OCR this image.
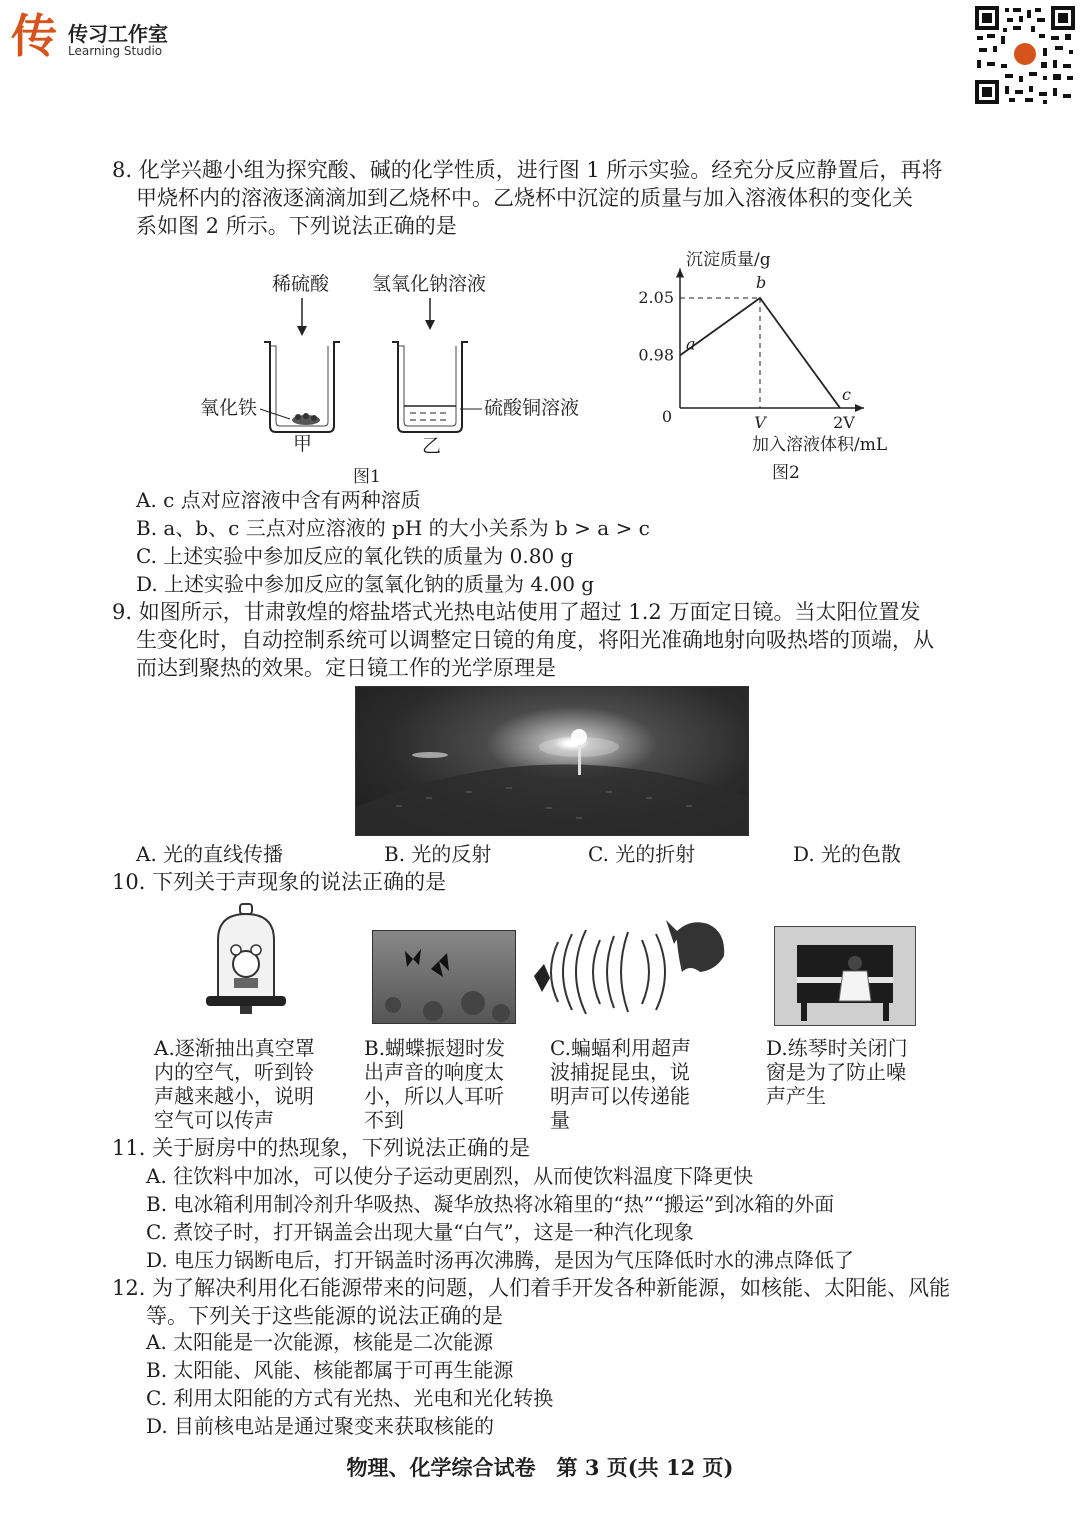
传 传习工作室
Learning Studio
8. 化学兴趣小组为探究酸、碱的化学性质，进行图 1 所示实验。经充分反应静置后，再将
甲烧杯内的溶液逐滴滴加到乙烧杯中。乙烧杯中沉淀的质量与加入溶液体积的变化关
系如图 2 所示。下列说法正确的是
稀硫酸 氢氧化钠溶液
氧化铁	硫酸铜溶液
甲	乙
图1
a
b
c
0.98
2.05
V	2V
0
沉淀质量/g
加入溶液体积/mL
图2
A. c 点对应溶液中含有两种溶质
B. a、b、c 三点对应溶液的 pH 的大小关系为 b > a > c
C. 上述实验中参加反应的氧化铁的质量为 0.80 g
D. 上述实验中参加反应的氢氧化钠的质量为 4.00 g
9. 如图所示，甘肃敦煌的熔盐塔式光热电站使用了超过 1.2 万面定日镜。当太阳位置发
生变化时，自动控制系统可以调整定日镜的角度，将阳光准确地射向吸热塔的顶端，从
而达到聚热的效果。定日镜工作的光学原理是
A. 光的直线传播	B. 光的反射	C. 光的折射	D. 光的色散
10. 下列关于声现象的说法正确的是
A.逐渐抽出真空罩
内的空气，听到铃
声越来越小，说明
空气可以传声
B.蝴蝶振翅时发
出声音的响度太
小，所以人耳听
不到
C.蝙蝠利用超声
波捕捉昆虫，说
明声可以传递能
量
D.练琴时关闭门
窗是为了防止噪
声产生
11. 关于厨房中的热现象，下列说法正确的是
A. 往饮料中加冰，可以使分子运动更剧烈，从而使饮料温度下降更快
B. 电冰箱利用制冷剂升华吸热、凝华放热将冰箱里的“热”“搬运”到冰箱的外面
C. 煮饺子时，打开锅盖会出现大量“白气”，这是一种汽化现象
D. 电压力锅断电后，打开锅盖时汤再次沸腾，是因为气压降低时水的沸点降低了
12. 为了解决利用化石能源带来的问题，人们着手开发各种新能源，如核能、太阳能、风能
等。下列关于这些能源的说法正确的是
A. 太阳能是一次能源，核能是二次能源
B. 太阳能、风能、核能都属于可再生能源
C. 利用太阳能的方式有光热、光电和光化转换
D. 目前核电站是通过聚变来获取核能的
物理、化学综合试卷　第 3 页(共 12 页)
